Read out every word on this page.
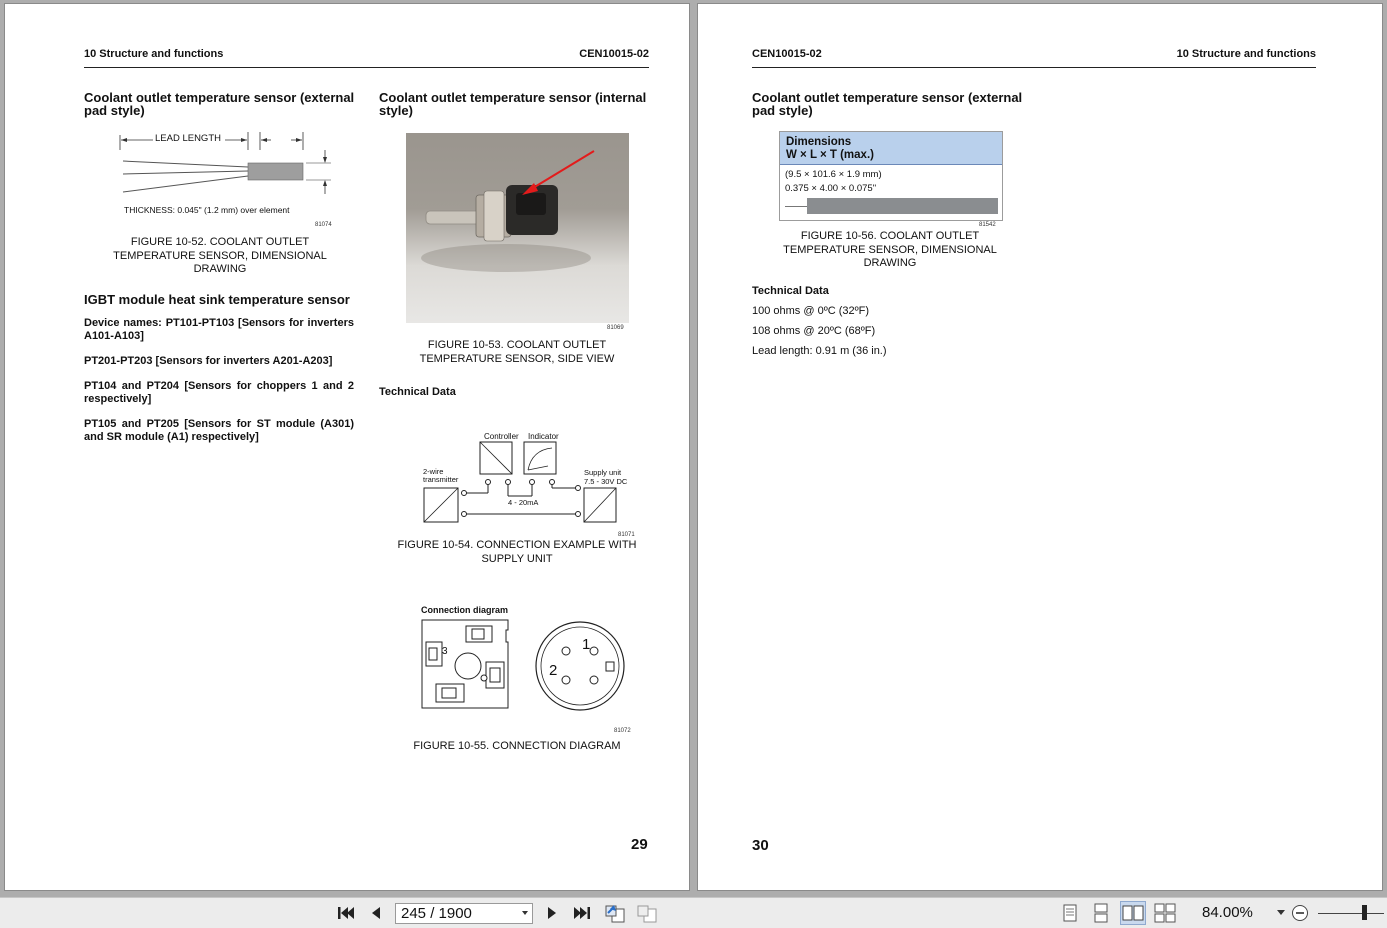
10 Structure and functions	CEN10015-02
Coolant outlet temperature sensor (external pad style)
LEAD LENGTH
THICKNESS: 0.045" (1.2 mm) over element
81074
FIGURE 10-52. COOLANT OUTLET TEMPERATURE SENSOR, DIMENSIONAL DRAWING
IGBT module heat sink temperature sensor
Device names: PT101-PT103 [Sensors for inverters A101-A103]
PT201-PT203 [Sensors for inverters A201-A203]
PT104 and PT204 [Sensors for choppers 1 and 2 respectively]
PT105 and PT205 [Sensors for ST module (A301) and SR module (A1) respectively]
Coolant outlet temperature sensor (internal style)
81069
FIGURE 10-53. COOLANT OUTLET TEMPERATURE SENSOR, SIDE VIEW
Technical Data
Controller Indicator
2-wire transmitter
Supply unit
7.5 - 30V DC
4 - 20mA
81071
FIGURE 10-54. CONNECTION EXAMPLE WITH SUPPLY UNIT
Connection diagram
1
2
3
81072
FIGURE 10-55. CONNECTION DIAGRAM
29
CEN10015-02	10 Structure and functions
Coolant outlet temperature sensor (external pad style)
Dimensions
W × L × T (max.)
(9.5 × 101.6 × 1.9 mm)
0.375 × 4.00 × 0.075"
81542
FIGURE 10-56. COOLANT OUTLET TEMPERATURE SENSOR, DIMENSIONAL DRAWING
Technical Data
100 ohms @ 0ºC (32ºF)
108 ohms @ 20ºC (68ºF)
Lead length: 0.91 m (36 in.)
30
245 / 1900	84.00%
